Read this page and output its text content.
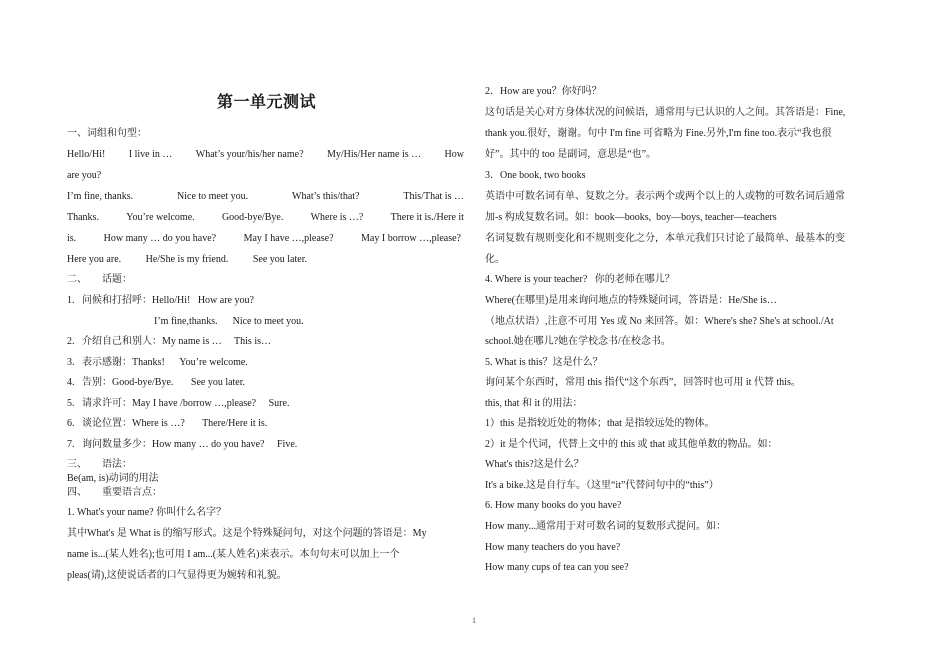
第一单元测试
一、词组和句型：
Hello/Hi! I live in … What’s your/his/her name? My/His/Her name is … How
are you?
I’m fine, thanks.	Nice to meet you.	What’s this/that?	This/That is …
Thanks.	You’re welcome.	Good-bye/Bye.	Where is …?	There it is./Here it
is.	How many … do you have?	May I have …,please?	May I borrow …,please?
Here you are. He/She is my friend. See you later.
二、      话题：
1.   问候和打招呼：Hello/Hi!   How are you?
I’m fine,thanks.      Nice to meet you.
2.   介绍自己和别人：My name is …     This is…
3.   表示感谢：Thanks!      You’re welcome.
4.   告别：Good-bye/Bye.       See you later.
5.   请求许可：May I have /borrow …,please?     Sure.
6.   谈论位置：Where is …?       There/Here it is.
7.   询问数量多少：How many … do you have?     Five.
三、      语法：
Be(am, is)动词的用法
四、      重要语言点：
1. What's your name? 你叫什么名字？
其中What's 是 What is 的缩写形式。这是个特殊疑问句，对这个问题的答语是：My
name is...(某人姓名);也可用 I am...(某人姓名)来表示。本句句末可以加上一个
pleas(请),这使说话者的口气显得更为婉转和礼貌。
2．How are you？你好吗？
这句话是关心对方身体状况的问候语，通常用与已认识的人之间。其答语是：Fine,
thank you.很好，谢谢。句中 I'm fine 可省略为 Fine.另外,I'm fine too.表示“我也很
好”。其中的 too 是副词，意思是“也”。
3．One book, two books
英语中可数名词有单、复数之分。表示两个或两个以上的人或物的可数名词后通常
加-s 构成复数名词。如：book—books,  boy—boys, teacher—teachers
名词复数有规则变化和不规则变化之分，本单元我们只讨论了最简单、最基本的变
化。
4. Where is your teacher?   你的老师在哪儿？
Where(在哪里)是用来询问地点的特殊疑问词，答语是：He/She is…
（地点状语）,注意不可用 Yes 或 No 来回答。如：Where's she? She's at school./At
school.她在哪儿?她在学校念书/在校念书。
5. What is this？这是什么？
询问某个东西时，常用 this 指代“这个东西”，回答时也可用 it 代替 this。
this, that 和 it 的用法：
1）this 是指较近处的物体；that 是指较远处的物体。
2）it 是个代词，代替上文中的 this 或 that 或其他单数的物品。如：
What's this?这是什么？
It's a bike.这是自行车。（这里“it”代替问句中的“this”）
6. How many books do you have?
How many...通常用于对可数名词的复数形式提问。如：
How many teachers do you have?
How many cups of tea can you see?
1
